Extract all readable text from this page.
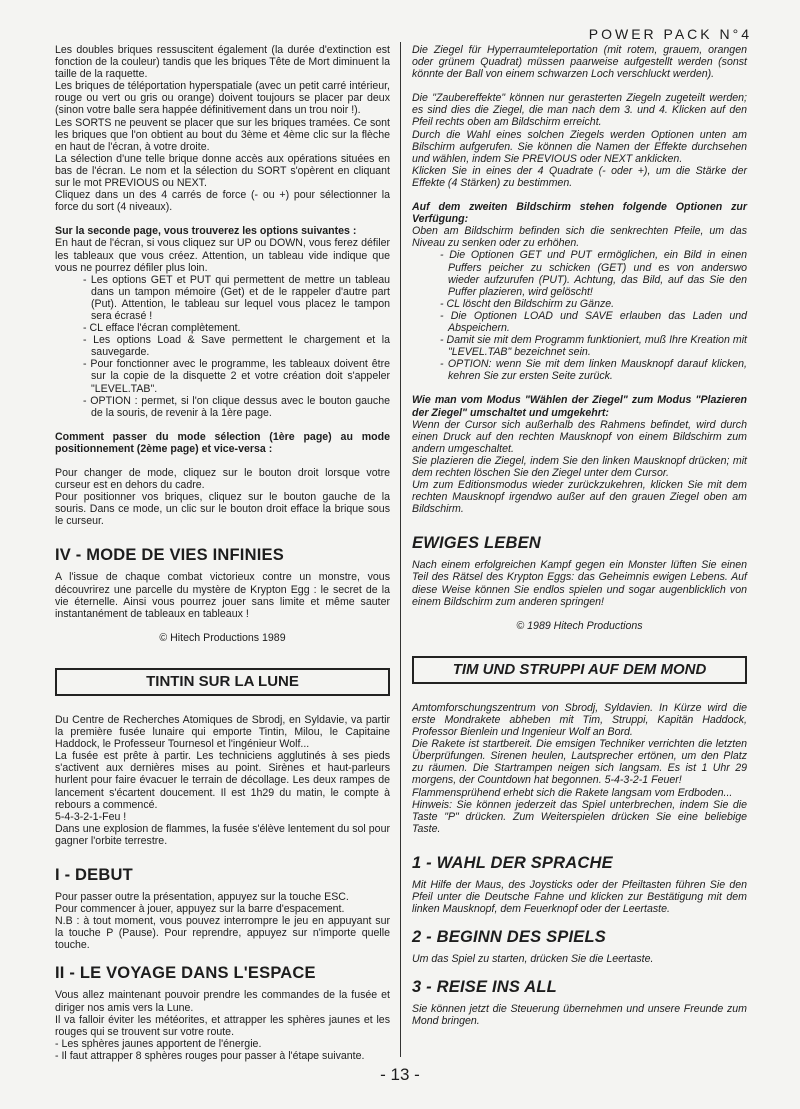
POWER PACK N°4

Les doubles briques ressuscitent également (la durée d'extinction est fonction de la couleur) tandis que les briques Tête de Mort diminuent la taille de la raquette.

Les briques de téléportation hyperspatiale (avec un petit carré intérieur, rouge ou vert ou gris ou orange) doivent toujours se placer par deux (sinon votre balle sera happée définitivement dans un trou noir !).

Les SORTS ne peuvent se placer que sur les briques tramées. Ce sont les briques que l'on obtient au bout du 3ème et 4ème clic sur la flèche en haut de l'écran, à votre droite.

La sélection d'une telle brique donne accès aux opérations situées en bas de l'écran. Le nom et la sélection du SORT s'opèrent en cliquant sur le mot PREVIOUS ou NEXT.

Cliquez dans un des 4 carrés de force (- ou +) pour sélectionner la force du sort (4 niveaux).

Sur la seconde page, vous trouverez les options suivantes :

En haut de l'écran, si vous cliquez sur UP ou DOWN, vous ferez défiler les tableaux que vous créez. Attention, un tableau vide indique que vous ne pourrez défiler plus loin.

- Les options GET et PUT qui permettent de mettre un tableau dans un tampon mémoire (Get) et de le rappeler d'autre part (Put). Attention, le tableau sur lequel vous placez le tampon sera écrasé !

- CL efface l'écran complètement.

- Les options Load & Save permettent le chargement et la sauvegarde.

- Pour fonctionner avec le programme, les tableaux doivent être sur la copie de la disquette 2 et votre création doit s'appeler "LEVEL.TAB".

- OPTION : permet, si l'on clique dessus avec le bouton gauche de la souris, de revenir à la 1ère page.

Comment passer du mode sélection (1ère page) au mode positionnement (2ème page) et vice-versa :

Pour changer de mode, cliquez sur le bouton droit lorsque votre curseur est en dehors du cadre.

Pour positionner vos briques, cliquez sur le bouton gauche de la souris. Dans ce mode, un clic sur le bouton droit efface la brique sous le curseur.

IV - MODE DE VIES INFINIES

A l'issue de chaque combat victorieux contre un monstre, vous découvrirez une parcelle du mystère de Krypton Egg : le secret de la vie éternelle. Ainsi vous pourrez jouer sans limite et même sauter instantanément de tableaux en tableaux !

© Hitech Productions 1989

TINTIN SUR LA LUNE

Du Centre de Recherches Atomiques de Sbrodj, en Syldavie, va partir la première fusée lunaire qui emporte Tintin, Milou, le Capitaine Haddock, le Professeur Tournesol et l'ingénieur Wolf...

La fusée est prête à partir. Les techniciens agglutinés à ses pieds s'activent aux dernières mises au point. Sirènes et haut-parleurs hurlent pour faire évacuer le terrain de décollage. Les deux rampes de lancement s'écartent doucement. Il est 1h29 du matin, le compte à rebours a commencé.

5-4-3-2-1-Feu !

Dans une explosion de flammes, la fusée s'élève lentement du sol pour gagner l'orbite terrestre.

I - DEBUT

Pour passer outre la présentation, appuyez sur la touche ESC.

Pour commencer à jouer, appuyez sur la barre d'espacement.

N.B : à tout moment, vous pouvez interrompre le jeu en appuyant sur la touche P (Pause). Pour reprendre, appuyez sur n'importe quelle touche.

II - LE VOYAGE DANS L'ESPACE

Vous allez maintenant pouvoir prendre les commandes de la fusée et diriger nos amis vers la Lune.

Il va falloir éviter les météorites, et attrapper les sphères jaunes et les rouges qui se trouvent sur votre route.

- Les sphères jaunes apportent de l'énergie.

- Il faut attrapper 8 sphères rouges pour passer à l'étape suivante.

Die Ziegel für Hyperraumteleportation (mit rotem, grauem, orangen oder grünem Quadrat) müssen paarweise aufgestellt werden (sonst könnte der Ball von einem schwarzen Loch verschluckt werden).

Die "Zaubereffekte" können nur gerasterten Ziegeln zugeteilt werden; es sind dies die Ziegel, die man nach dem 3. und 4. Klicken auf den Pfeil rechts oben am Bildschirm erreicht.

Durch die Wahl eines solchen Ziegels werden Optionen unten am Bilschirm aufgerufen. Sie können die Namen der Effekte durchsehen und wählen, indem Sie PREVIOUS oder NEXT anklicken.

Klicken Sie in eines der 4 Quadrate (- oder +), um die Stärke der Effekte (4 Stärken) zu bestimmen.

Auf dem zweiten Bildschirm stehen folgende Optionen zur Verfügung:

Oben am Bildschirm befinden sich die senkrechten Pfeile, um das Niveau zu senken oder zu erhöhen.

- Die Optionen GET und PUT ermöglichen, ein Bild in einen Puffers peicher zu schicken (GET) und es von anderswo wieder aufzurufen (PUT). Achtung, das Bild, auf das Sie den Puffer plazieren, wird gelöscht!

- CL löscht den Bildschirm zu Gänze.

- Die Optionen LOAD und SAVE erlauben das Laden und Abspeichern.

- Damit sie mit dem Programm funktioniert, muß Ihre Kreation mit "LEVEL.TAB" bezeichnet sein.

- OPTION: wenn Sie mit dem linken Mausknopf darauf klicken, kehren Sie zur ersten Seite zurück.

Wie man vom Modus "Wählen der Ziegel" zum Modus "Plazieren der Ziegel" umschaltet und umgekehrt:

Wenn der Cursor sich außerhalb des Rahmens befindet, wird durch einen Druck auf den rechten Mausknopf von einem Bildschirm zum andern umgeschaltet.

Sie plazieren die Ziegel, indem Sie den linken Mausknopf drücken; mit dem rechten löschen Sie den Ziegel unter dem Cursor.

Um zum Editionsmodus wieder zurückzukehren, klicken Sie mit dem rechten Mausknopf irgendwo außer auf den grauen Ziegel oben am Bildschirm.

EWIGES LEBEN

Nach einem erfolgreichen Kampf gegen ein Monster lüften Sie einen Teil des Rätsel des Krypton Eggs: das Geheimnis ewigen Lebens. Auf diese Weise können Sie endlos spielen und sogar augenblicklich von einem Bildschirm zum anderen springen!

© 1989 Hitech Productions

TIM UND STRUPPI AUF DEM MOND

Amtomforschungszentrum von Sbrodj, Syldavien. In Kürze wird die erste Mondrakete abheben mit Tim, Struppi, Kapitän Haddock, Professor Bienlein und Ingenieur Wolf an Bord.

Die Rakete ist startbereit. Die emsigen Techniker verrichten die letzten Überprüfungen. Sirenen heulen, Lautsprecher ertönen, um den Platz zu räumen. Die Startrampen neigen sich langsam. Es ist 1 Uhr 29 morgens, der Countdown hat begonnen. 5-4-3-2-1 Feuer!

Flammensprühend erhebt sich die Rakete langsam vom Erdboden...

Hinweis: Sie können jederzeit das Spiel unterbrechen, indem Sie die Taste "P" drücken. Zum Weiterspielen drücken Sie eine beliebige Taste.

1 - WAHL DER SPRACHE

Mit Hilfe der Maus, des Joysticks oder der Pfeiltasten führen Sie den Pfeil unter die Deutsche Fahne und klicken zur Bestätigung mit dem linken Mausknopf, dem Feuerknopf oder der Leertaste.

2 - BEGINN DES SPIELS

Um das Spiel zu starten, drücken Sie die Leertaste.

3 - REISE INS ALL

Sie können jetzt die Steuerung übernehmen und unsere Freunde zum Mond bringen.

- 13 -
